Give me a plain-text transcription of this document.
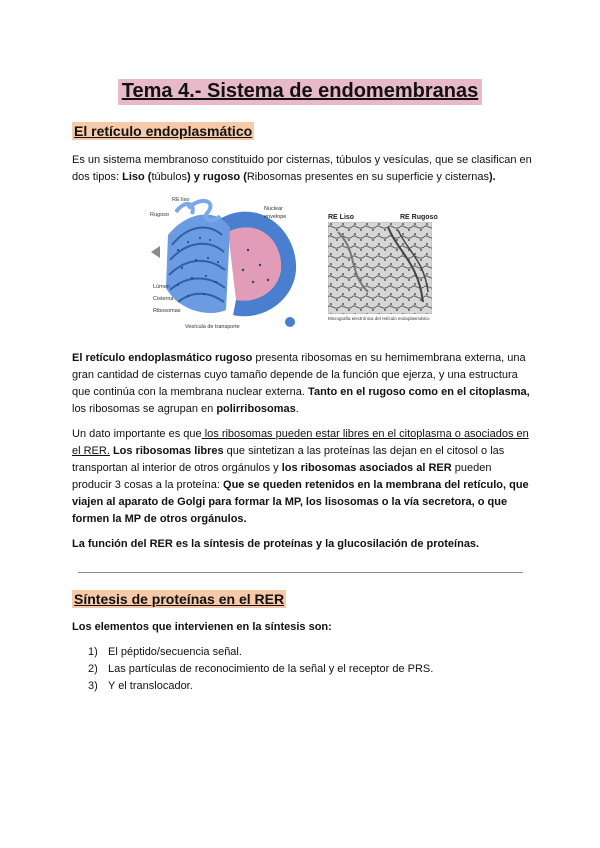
Tema 4.- Sistema de endomembranas
El retículo endoplasmático
Es un sistema membranoso constituido por cisternas, túbulos y vesículas, que se clasifican en dos tipos: Liso (túbulos) y rugoso (Ribosomas presentes en su superficie y cisternas).
RE liso
Rugoso
Nuclear
envelope
Lúmen
Cisterna
Ribosomas
Vesícula de transporte
RE Liso	RE Rugoso
Micrografía electrónica del retículo endoplasmático
El retículo endoplasmático rugoso presenta ribosomas en su hemimembrana externa, una gran cantidad de cisternas cuyo tamaño depende de la función que ejerza, y una estructura que continúa con la membrana nuclear externa. Tanto en el rugoso como en el citoplasma, los ribosomas se agrupan en polirribosomas.
Un dato importante es que los ribosomas pueden estar libres en el citoplasma o asociados en el RER. Los ribosomas libres que sintetizan a las proteínas las dejan en el citosol o las transportan al interior de otros orgánulos y los ribosomas asociados al RER pueden producir 3 cosas a la proteína: Que se queden retenidos en la membrana del retículo, que viajen al aparato de Golgi para formar la MP, los lisosomas o la vía secretora, o que formen la MP de otros orgánulos.
La función del RER es la síntesis de proteínas y la glucosilación de proteínas.
Síntesis de proteínas en el RER
Los elementos que intervienen en la síntesis son:
1) El péptido/secuencia señal.
2) Las partículas de reconocimiento de la señal y el receptor de PRS.
3) Y el translocador.
